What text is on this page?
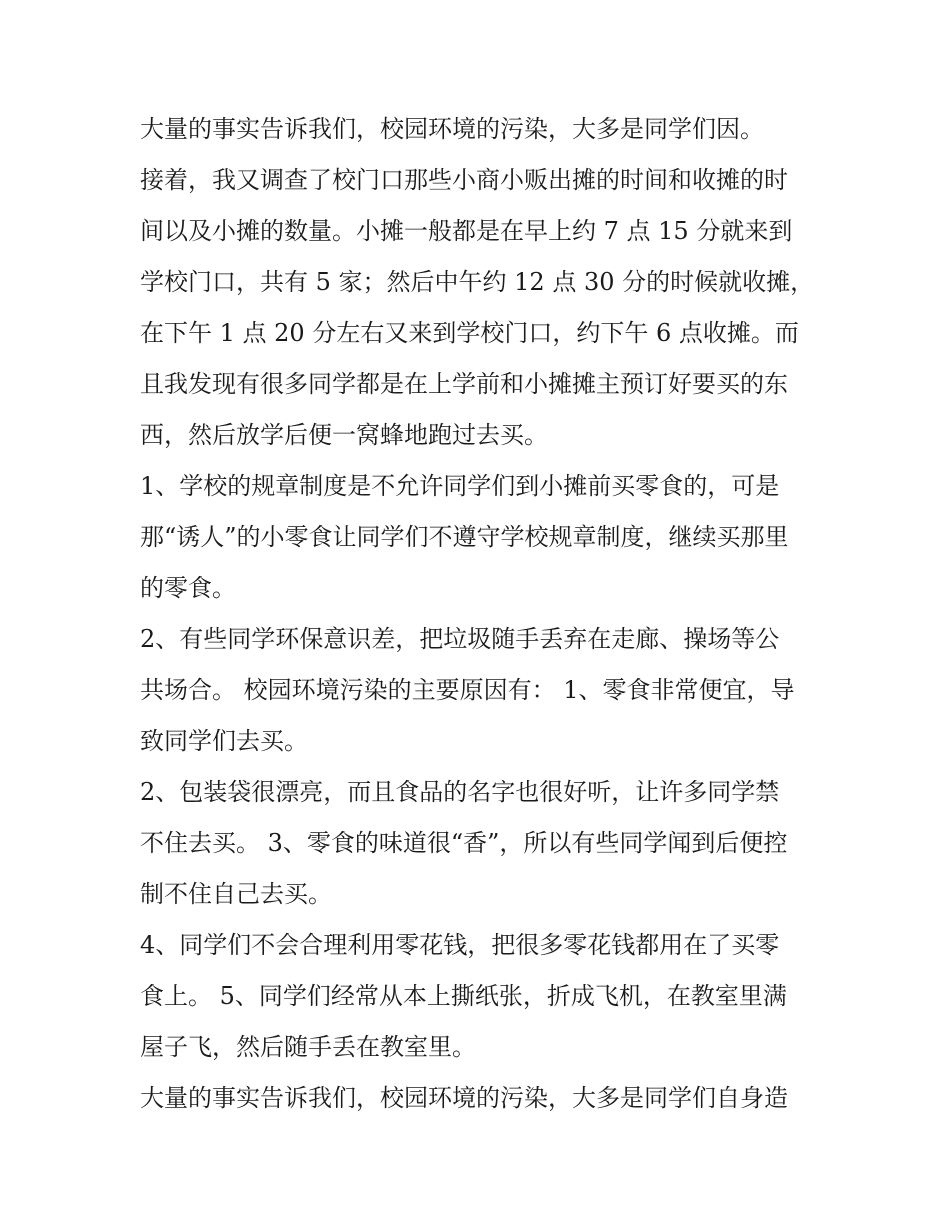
大量的事实告诉我们，校园环境的污染，大多是同学们因。
接着，我又调查了校门口那些小商小贩出摊的时间和收摊的时
间以及小摊的数量。小摊一般都是在早上约 7 点 15 分就来到
学校门口，共有 5 家；然后中午约 12 点 30 分的时候就收摊，
在下午 1 点 20 分左右又来到学校门口，约下午 6 点收摊。而
且我发现有很多同学都是在上学前和小摊摊主预订好要买的东
西，然后放学后便一窝蜂地跑过去买。
1、学校的规章制度是不允许同学们到小摊前买零食的，可是
那“诱人”的小零食让同学们不遵守学校规章制度，继续买那里
的零食。
2、有些同学环保意识差，把垃圾随手丢弃在走廊、操场等公
共场合。 校园环境污染的主要原因有： 1、零食非常便宜，导
致同学们去买。
2、包装袋很漂亮，而且食品的名字也很好听，让许多同学禁
不住去买。 3、零食的味道很“香”，所以有些同学闻到后便控
制不住自己去买。
4、同学们不会合理利用零花钱，把很多零花钱都用在了买零
食上。 5、同学们经常从本上撕纸张，折成飞机，在教室里满
屋子飞，然后随手丢在教室里。
大量的事实告诉我们，校园环境的污染，大多是同学们自身造
